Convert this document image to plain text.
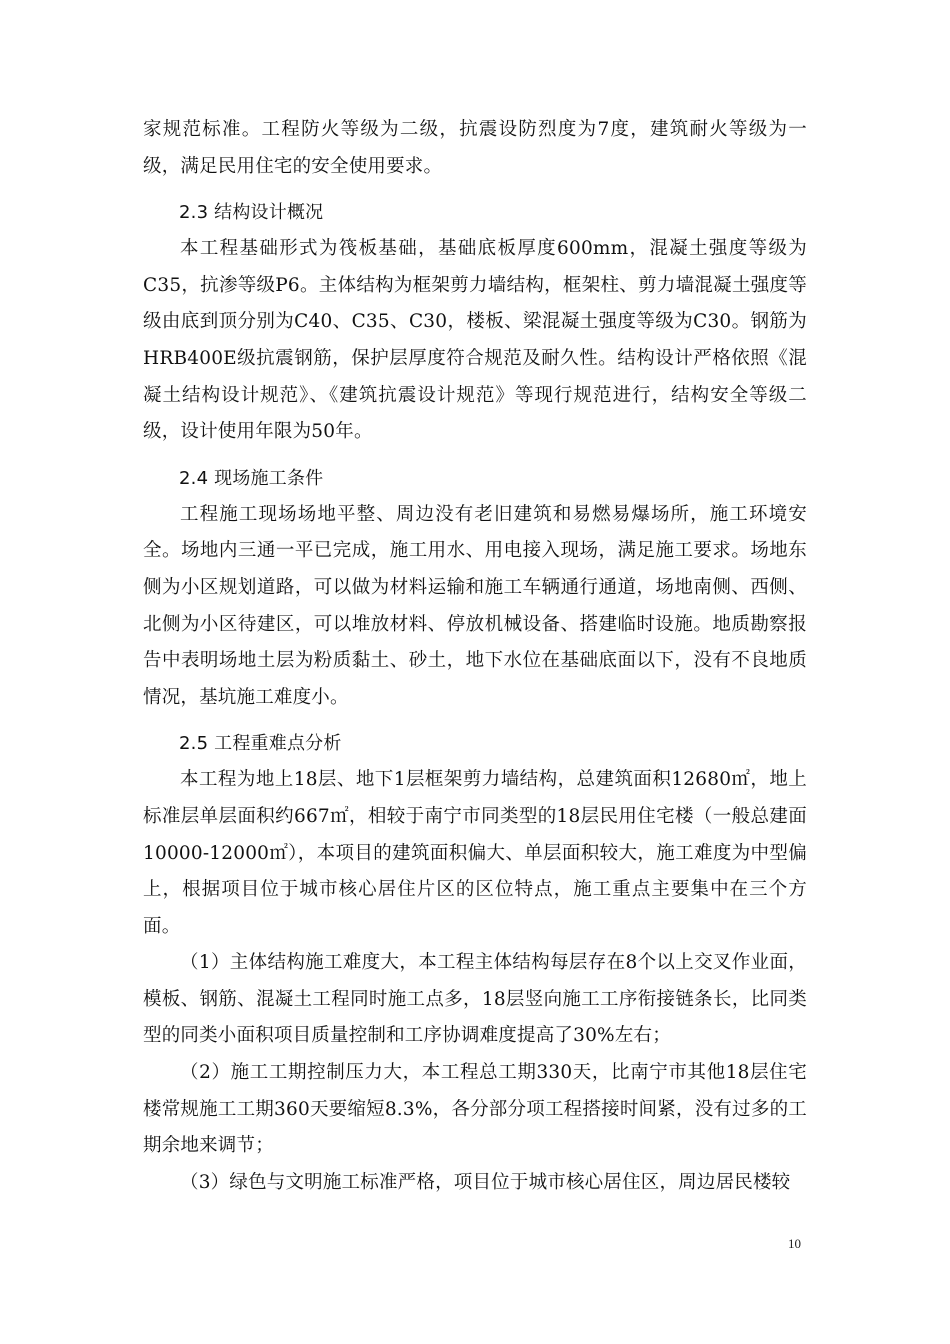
家规范标准。工程防火等级为二级，抗震设防烈度为7度，建筑耐火等级为一级，满足民用住宅的安全使用要求。

2.3 结构设计概况

本工程基础形式为筏板基础，基础底板厚度600mm，混凝土强度等级为C35，抗渗等级P6。主体结构为框架剪力墙结构，框架柱、剪力墙混凝土强度等级由底到顶分别为C40、C35、C30，楼板、梁混凝土强度等级为C30。钢筋为HRB400E级抗震钢筋，保护层厚度符合规范及耐久性。结构设计严格依照《混凝土结构设计规范》、《建筑抗震设计规范》等现行规范进行，结构安全等级二级，设计使用年限为50年。

2.4 现场施工条件

工程施工现场场地平整、周边没有老旧建筑和易燃易爆场所，施工环境安全。场地内三通一平已完成，施工用水、用电接入现场，满足施工要求。场地东侧为小区规划道路，可以做为材料运输和施工车辆通行通道，场地南侧、西侧、北侧为小区待建区，可以堆放材料、停放机械设备、搭建临时设施。地质勘察报告中表明场地土层为粉质黏土、砂土，地下水位在基础底面以下，没有不良地质情况，基坑施工难度小。

2.5 工程重难点分析

本工程为地上18层、地下1层框架剪力墙结构，总建筑面积12680㎡，地上标准层单层面积约667㎡，相较于南宁市同类型的18层民用住宅楼（一般总建面10000-12000㎡），本项目的建筑面积偏大、单层面积较大，施工难度为中型偏上，根据项目位于城市核心居住片区的区位特点，施工重点主要集中在三个方面。

（1）主体结构施工难度大，本工程主体结构每层存在8个以上交叉作业面，模板、钢筋、混凝土工程同时施工点多，18层竖向施工工序衔接链条长，比同类型的同类小面积项目质量控制和工序协调难度提高了30%左右；

（2）施工工期控制压力大，本工程总工期330天，比南宁市其他18层住宅楼常规施工工期360天要缩短8.3%，各分部分项工程搭接时间紧，没有过多的工期余地来调节；

（3）绿色与文明施工标准严格，项目位于城市核心居住区，周边居民楼较

10
